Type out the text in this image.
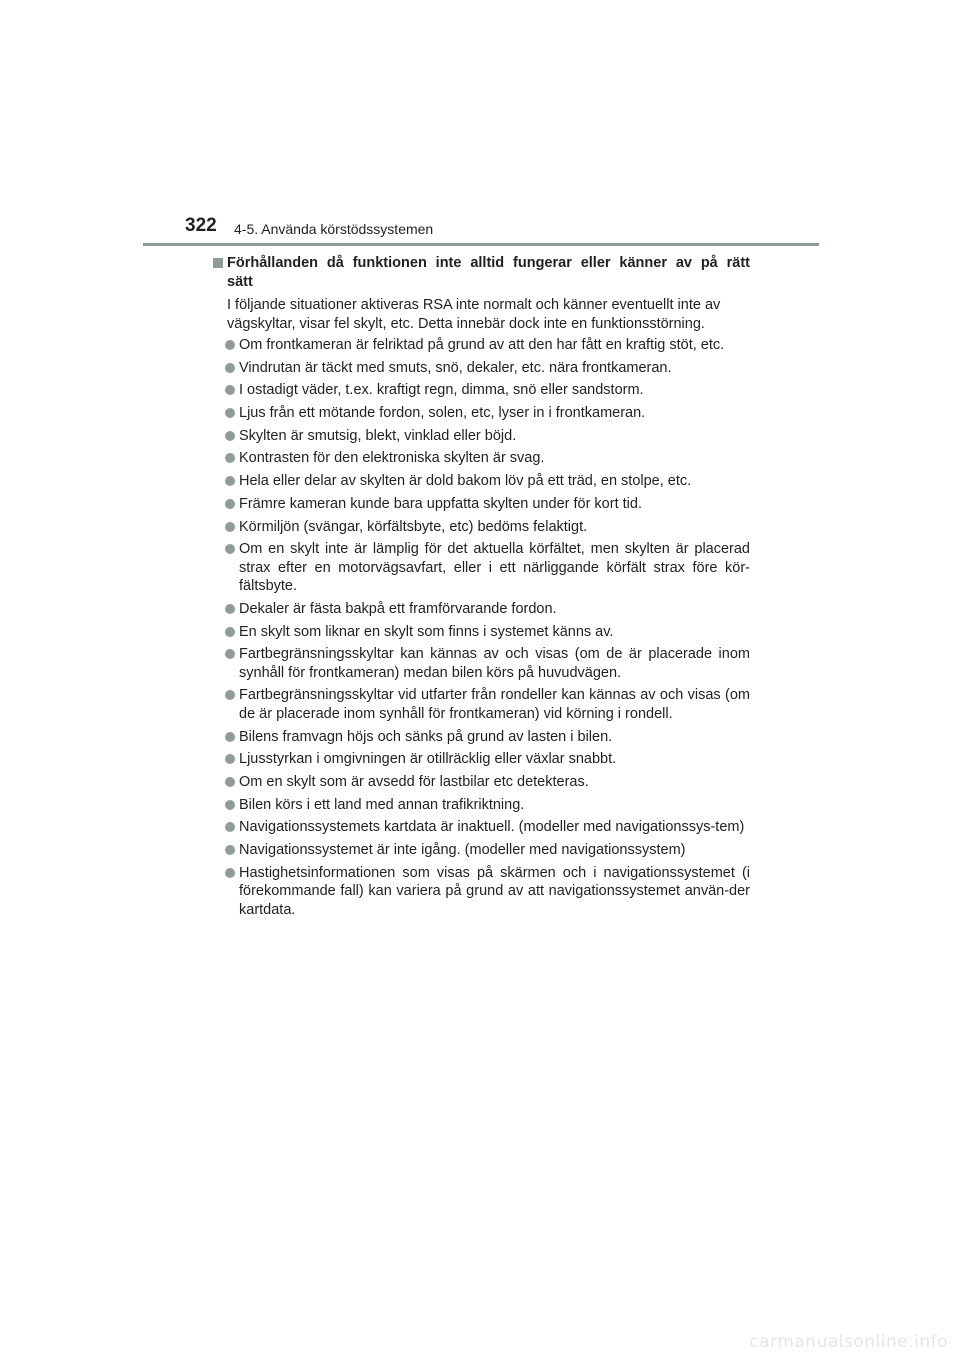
322 4-5. Använda körstödssystemen
Förhållanden då funktionen inte alltid fungerar eller känner av på rätt sätt
I följande situationer aktiveras RSA inte normalt och känner eventuellt inte av vägskyltar, visar fel skylt, etc. Detta innebär dock inte en funktionsstörning.
Om frontkameran är felriktad på grund av att den har fått en kraftig stöt, etc.
Vindrutan är täckt med smuts, snö, dekaler, etc. nära frontkameran.
I ostadigt väder, t.ex. kraftigt regn, dimma, snö eller sandstorm.
Ljus från ett mötande fordon, solen, etc, lyser in i frontkameran.
Skylten är smutsig, blekt, vinklad eller böjd.
Kontrasten för den elektroniska skylten är svag.
Hela eller delar av skylten är dold bakom löv på ett träd, en stolpe, etc.
Främre kameran kunde bara uppfatta skylten under för kort tid.
Körmiljön (svängar, körfältsbyte, etc) bedöms felaktigt.
Om en skylt inte är lämplig för det aktuella körfältet, men skylten är placerad strax efter en motorvägsavfart, eller i ett närliggande körfält strax före kör-fältsbyte.
Dekaler är fästa bakpå ett framförvarande fordon.
En skylt som liknar en skylt som finns i systemet känns av.
Fartbegränsningsskyltar kan kännas av och visas (om de är placerade inom synhåll för frontkameran) medan bilen körs på huvudvägen.
Fartbegränsningsskyltar vid utfarter från rondeller kan kännas av och visas (om de är placerade inom synhåll för frontkameran) vid körning i rondell.
Bilens framvagn höjs och sänks på grund av lasten i bilen.
Ljusstyrkan i omgivningen är otillräcklig eller växlar snabbt.
Om en skylt som är avsedd för lastbilar etc detekteras.
Bilen körs i ett land med annan trafikriktning.
Navigationssystemets kartdata är inaktuell. (modeller med navigationssys-tem)
Navigationssystemet är inte igång. (modeller med navigationssystem)
Hastighetsinformationen som visas på skärmen och i navigationssystemet (i förekommande fall) kan variera på grund av att navigationssystemet använ-der kartdata.
carmanualsonline.info
